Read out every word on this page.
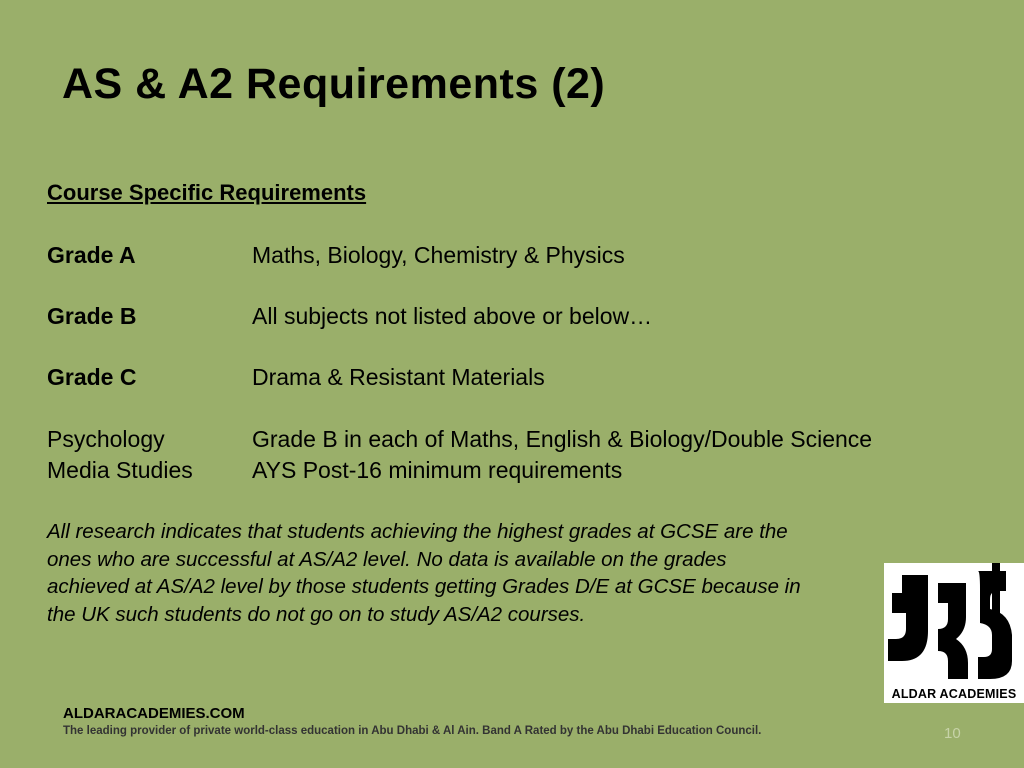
AS & A2 Requirements (2)
Course Specific Requirements
Grade A	Maths, Biology, Chemistry & Physics
Grade B	All subjects not listed above or below…
Grade C	Drama & Resistant Materials
Psychology	Grade B in each of Maths, English & Biology/Double Science
Media Studies	AYS Post-16 minimum requirements
All research indicates that students achieving the highest grades at GCSE are the ones who are successful at AS/A2 level. No data is available on the grades achieved at AS/A2 level by those students getting Grades D/E at GCSE because in the UK such students do not go on to study AS/A2 courses.
ALDAR ACADEMIES
ALDARACADEMIES.COM
The leading provider of private world-class education in Abu Dhabi & Al Ain. Band A Rated by the Abu Dhabi Education Council.	10
